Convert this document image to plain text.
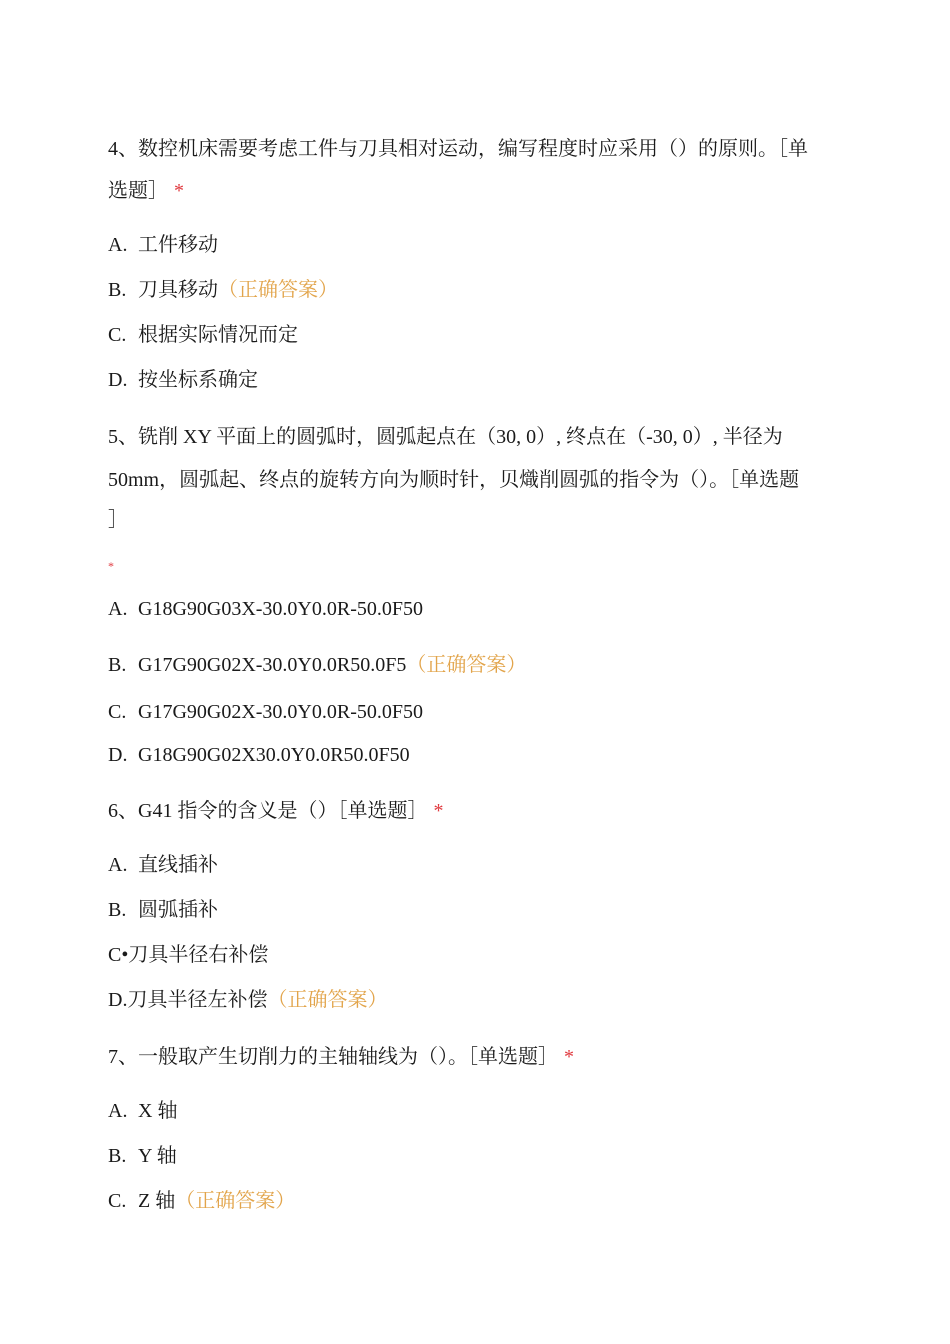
4、数控机床需要考虑工件与刀具相对运动，编写程度时应采用（）的原则。［单
选题］ *
A. 工件移动
B. 刀具移动（正确答案）
C. 根据实际情况而定
D. 按坐标系确定
5、铣削 XY 平面上的圆弧时，圆弧起点在（30, 0）, 终点在（-30, 0）, 半径为
50mm，圆弧起、终点的旋转方向为顺时针，贝熾削圆弧的指令为（）。［单选题
］
*
A. G18G90G03X-30.0Y0.0R-50.0F50
B. G17G90G02X-30.0Y0.0R50.0F5（正确答案）
C. G17G90G02X-30.0Y0.0R-50.0F50
D. G18G90G02X30.0Y0.0R50.0F50
6、G41 指令的含义是（）［单选题］ *
A. 直线插补
B. 圆弧插补
C•刀具半径右补偿
D.刀具半径左补偿（正确答案）
7、一般取产生切削力的主轴轴线为（）。［单选题］ *
A. X 轴
B. Y 轴
C. Z 轴（正确答案）
